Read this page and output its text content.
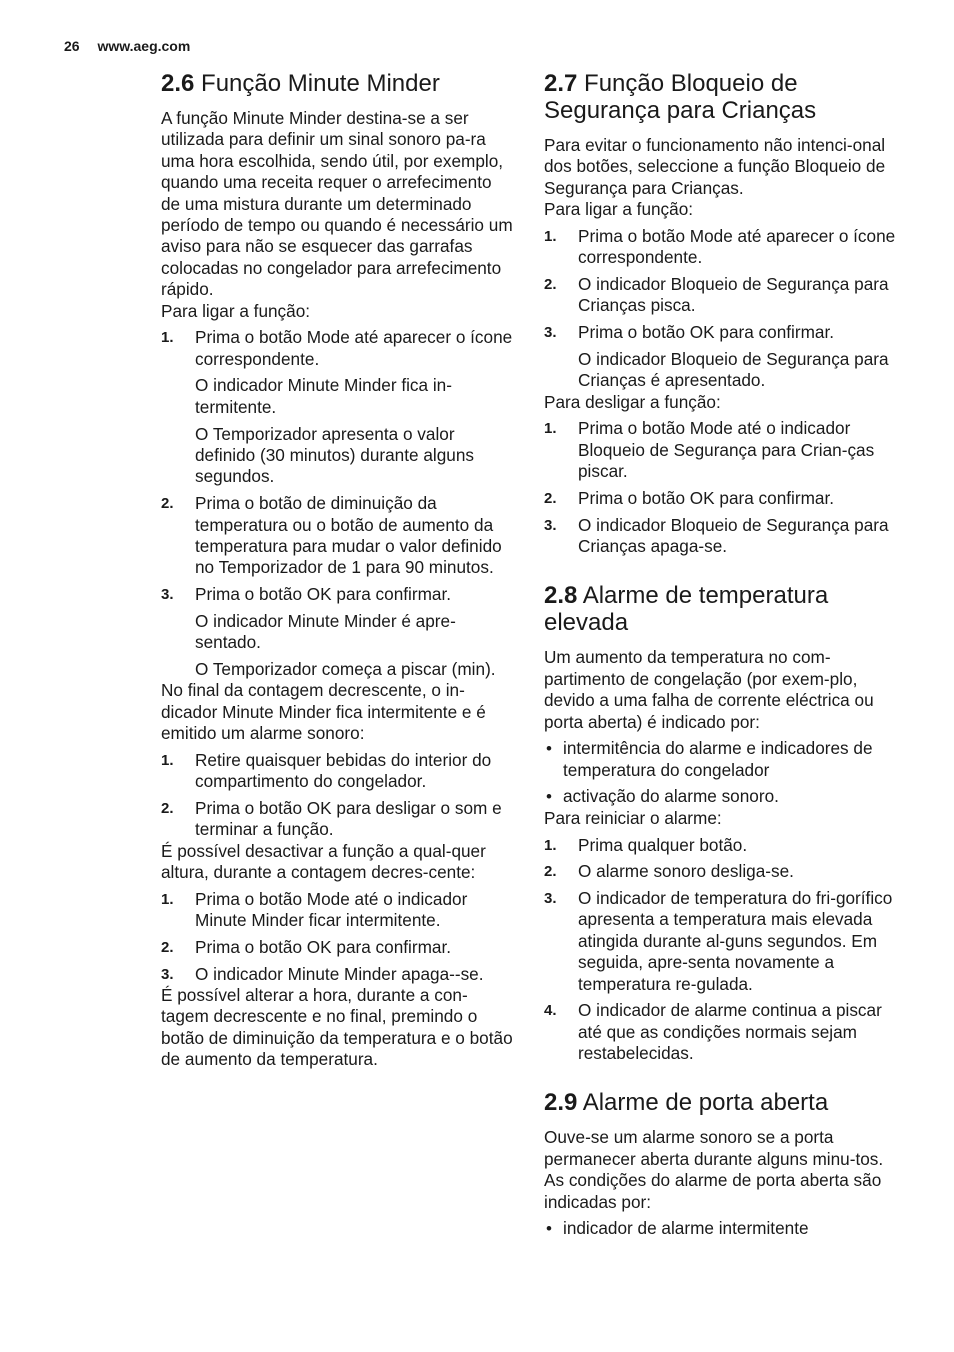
26 www.aeg.com
2.6 Função Minute Minder

A função Minute Minder destina-se a ser utilizada para definir um sinal sonoro pa-ra uma hora escolhida, sendo útil, por exemplo, quando uma receita requer o arrefecimento de uma mistura durante um determinado período de tempo ou quando é necessário um aviso para não se esquecer das garrafas colocadas no congelador para arrefecimento rápido.

Para ligar a função:

1. Prima o botão Mode até aparecer o ícone correspondente.

O indicador Minute Minder fica in-termitente.

O Temporizador apresenta o valor definido (30 minutos) durante alguns segundos.

2. Prima o botão de diminuição da temperatura ou o botão de aumento da temperatura para mudar o valor definido no Temporizador de 1 para 90 minutos.
3. Prima o botão OK para confirmar.

O indicador Minute Minder é apre-sentado.

O Temporizador começa a piscar (min).

No final da contagem decrescente, o in-dicador Minute Minder fica intermitente e é emitido um alarme sonoro:

1. Retire quaisquer bebidas do interior do compartimento do congelador.
2. Prima o botão OK para desligar o som e terminar a função.

É possível desactivar a função a qual-quer altura, durante a contagem decres-cente:

1. Prima o botão Mode até o indicador Minute Minder ficar intermitente.
2. Prima o botão OK para confirmar.
3. O indicador Minute Minder apaga--se.

É possível alterar a hora, durante a con-tagem decrescente e no final, premindo o botão de diminuição da temperatura e o botão de aumento da temperatura.

2.7 Função Bloqueio de Segurança para Crianças

Para evitar o funcionamento não intenci-onal dos botões, seleccione a função Bloqueio de Segurança para Crianças.

Para ligar a função:

1. Prima o botão Mode até aparecer o ícone correspondente.
2. O indicador Bloqueio de Segurança para Crianças pisca.
3. Prima o botão OK para confirmar.

O indicador Bloqueio de Segurança para Crianças é apresentado.

Para desligar a função:

1. Prima o botão Mode até o indicador Bloqueio de Segurança para Crian-ças piscar.
2. Prima o botão OK para confirmar.
3. O indicador Bloqueio de Segurança para Crianças apaga-se.
2.8 Alarme de temperatura elevada

Um aumento da temperatura no com-partimento de congelação (por exem-plo, devido a uma falha de corrente eléctrica ou porta aberta) é indicado por:

• intermitência do alarme e indicadores de temperatura do congelador
• activação do alarme sonoro.

Para reiniciar o alarme:

1. Prima qualquer botão.
2. O alarme sonoro desliga-se.
3. O indicador de temperatura do fri-gorífico apresenta a temperatura mais elevada atingida durante al-guns segundos. Em seguida, apre-senta novamente a temperatura re-gulada.
4. O indicador de alarme continua a piscar até que as condições normais sejam restabelecidas.
2.9 Alarme de porta aberta

Ouve-se um alarme sonoro se a porta permanecer aberta durante alguns minu-tos. As condições do alarme de porta aberta são indicadas por:

• indicador de alarme intermitente
